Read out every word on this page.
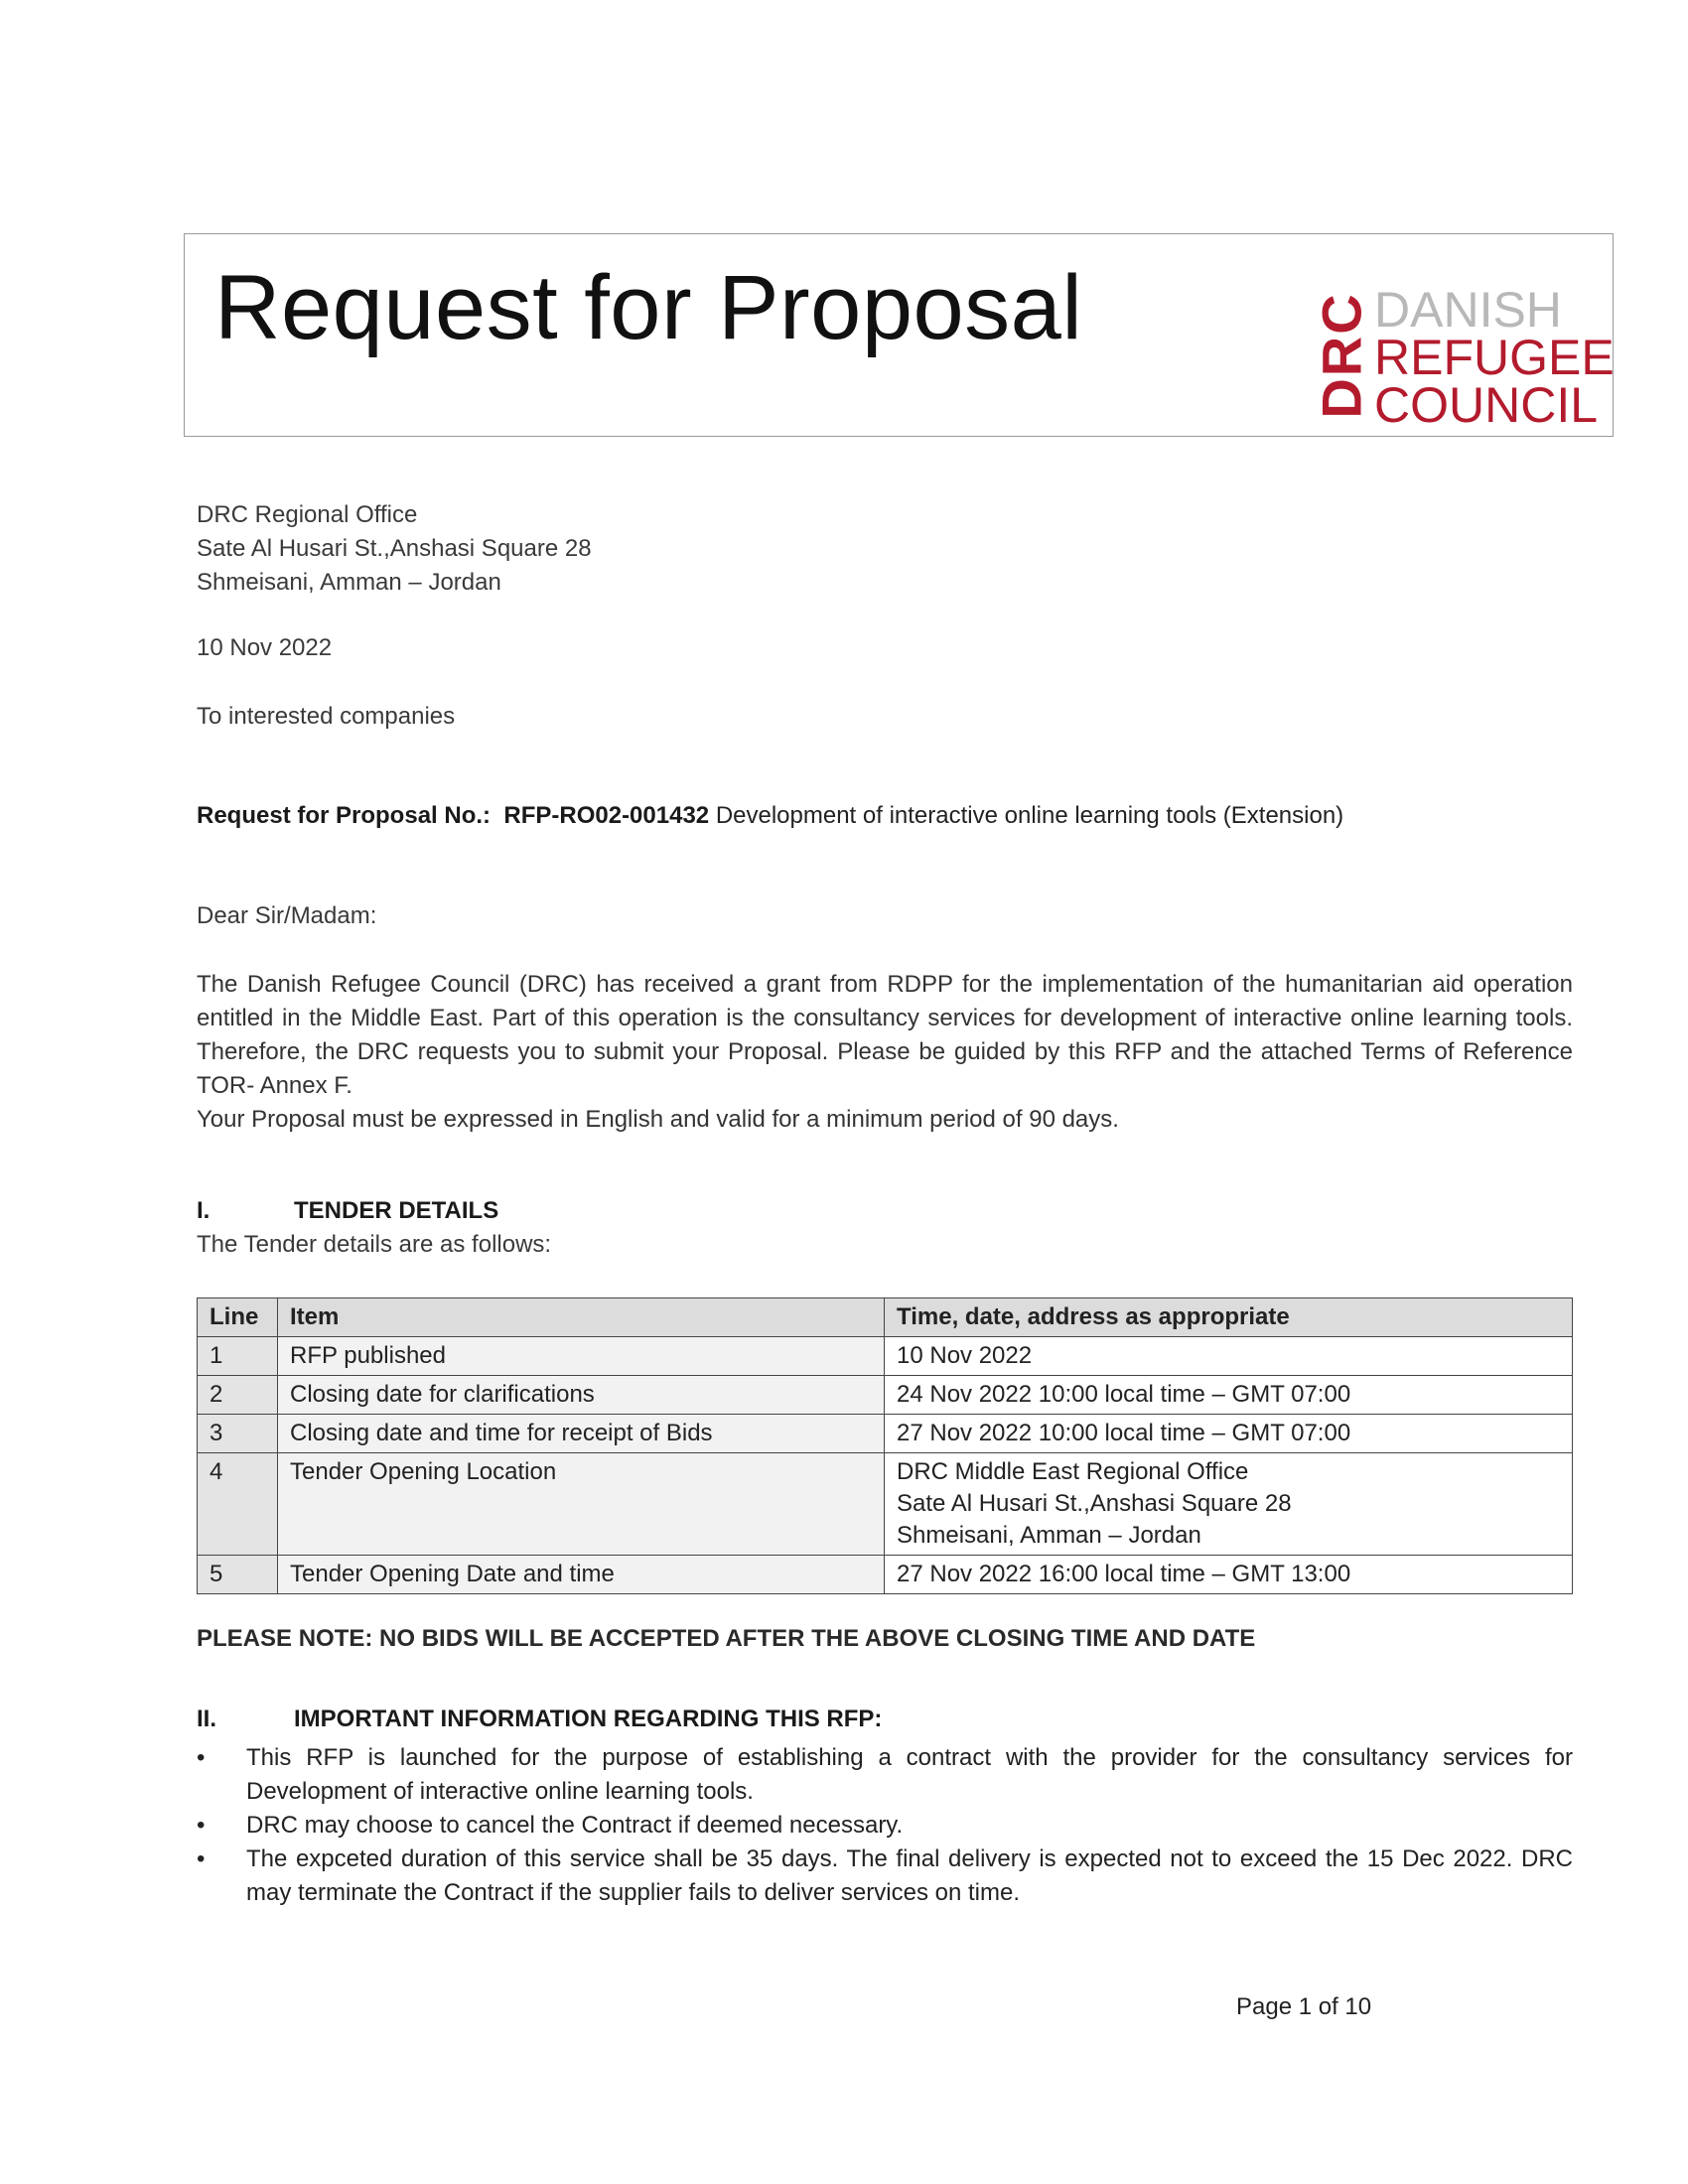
Request for Proposal	DRC DANISH
REFUGEE
COUNCIL
DRC Regional Office
Sate Al Husari St.,Anshasi Square 28
Shmeisani, Amman – Jordan
10 Nov 2022
To interested companies
Request for Proposal No.: RFP-RO02-001432 Development of interactive online learning tools (Extension)
Dear Sir/Madam:

The Danish Refugee Council (DRC) has received a grant from RDPP for the implementation of the humanitarian aid operation entitled in the Middle East. Part of this operation is the consultancy services for development of interactive online learning tools. Therefore, the DRC requests you to submit your Proposal. Please be guided by this RFP and the attached Terms of Reference TOR- Annex F.

Your Proposal must be expressed in English and valid for a minimum period of 90 days.

I.	TENDER DETAILS
The Tender details are as follows:
Line	Item	Time, date, address as appropriate
1	RFP published	10 Nov 2022
2	Closing date for clarifications	24 Nov 2022 10:00 local time – GMT 07:00
3	Closing date and time for receipt of Bids	27 Nov 2022 10:00 local time – GMT 07:00
4	Tender Opening Location	DRC Middle East Regional Office
Sate Al Husari St.,Anshasi Square 28
Shmeisani, Amman – Jordan

5	Tender Opening Date and time	27 Nov 2022 16:00 local time – GMT 13:00
PLEASE NOTE: NO BIDS WILL BE ACCEPTED AFTER THE ABOVE CLOSING TIME AND DATE
II.	IMPORTANT INFORMATION REGARDING THIS RFP:
• This RFP is launched for the purpose of establishing a contract with the provider for the consultancy services for Development of interactive online learning tools.
• DRC may choose to cancel the Contract if deemed necessary.
• The expceted duration of this service shall be 35 days. The final delivery is expected not to exceed the 15 Dec 2022. DRC may terminate the Contract if the supplier fails to deliver services on time.
Page 1 of 10
